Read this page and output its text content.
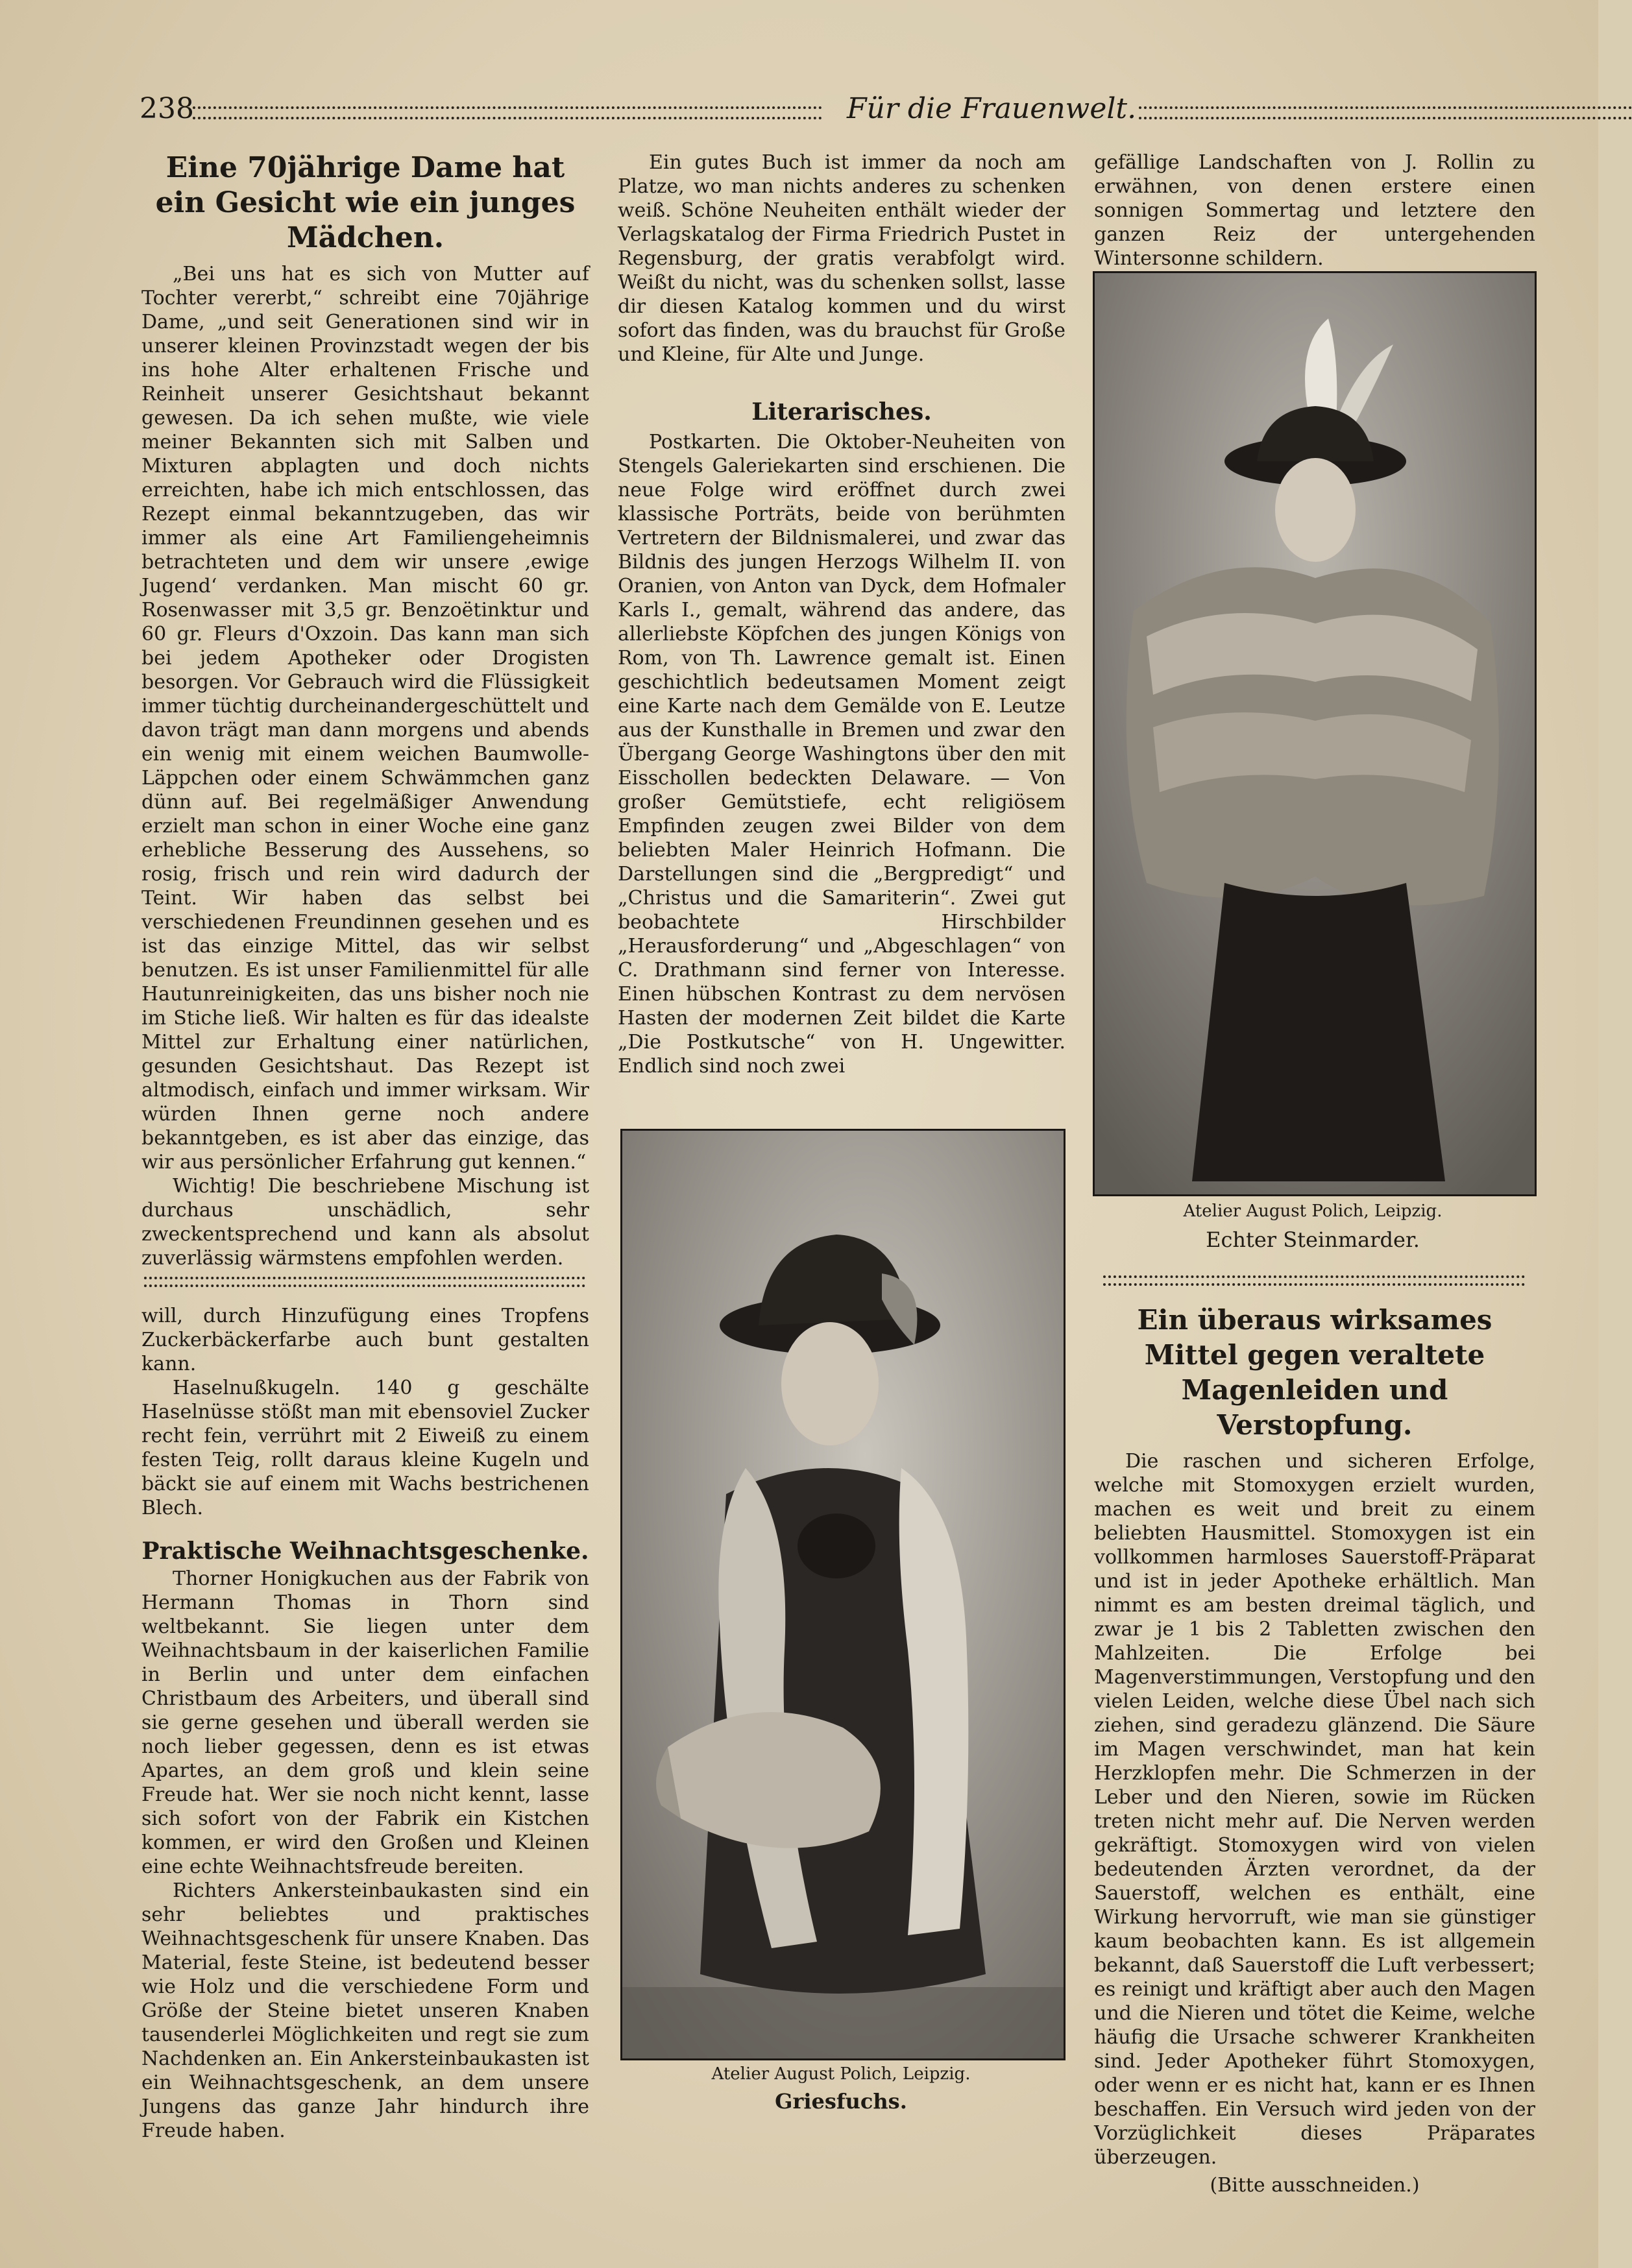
238	Für die Frauenwelt.
Eine 70jährige Dame hat ein Gesicht wie ein junges Mädchen.

„Bei uns hat es sich von Mutter auf Tochter vererbt,“ schreibt eine 70jährige Dame, „und seit Generationen sind wir in unserer kleinen Provinzstadt wegen der bis ins hohe Alter erhaltenen Frische und Reinheit unserer Gesichtshaut bekannt gewesen. Da ich sehen mußte, wie viele meiner Bekannten sich mit Salben und Mixturen abplagten und doch nichts erreichten, habe ich mich entschlossen, das Rezept einmal bekanntzugeben, das wir immer als eine Art Familiengeheimnis betrachteten und dem wir unsere ‚ewige Jugend‘ verdanken. Man mischt 60 gr. Rosenwasser mit 3,5 gr. Benzoëtinktur und 60 gr. Fleurs d'Oxzoin. Das kann man sich bei jedem Apotheker oder Drogisten besorgen. Vor Gebrauch wird die Flüssigkeit immer tüchtig durcheinandergeschüttelt und davon trägt man dann morgens und abends ein wenig mit einem weichen Baumwolle-Läppchen oder einem Schwämmchen ganz dünn auf. Bei regelmäßiger Anwendung erzielt man schon in einer Woche eine ganz erhebliche Besserung des Aussehens, so rosig, frisch und rein wird dadurch der Teint. Wir haben das selbst bei verschiedenen Freundinnen gesehen und es ist das einzige Mittel, das wir selbst benutzen. Es ist unser Familienmittel für alle Hautunreinigkeiten, das uns bisher noch nie im Stiche ließ. Wir halten es für das idealste Mittel zur Erhaltung einer natürlichen, gesunden Gesichtshaut. Das Rezept ist altmodisch, einfach und immer wirksam. Wir würden Ihnen gerne noch andere bekanntgeben, es ist aber das einzige, das wir aus persönlicher Erfahrung gut kennen.“

Wichtig! Die beschriebene Mischung ist durchaus unschädlich, sehr zweckentsprechend und kann als absolut zuverlässig wärmstens empfohlen werden.

will, durch Hinzufügung eines Tropfens Zuckerbäckerfarbe auch bunt gestalten kann.

Haselnußkugeln. 140 g geschälte Haselnüsse stößt man mit ebensoviel Zucker recht fein, verrührt mit 2 Eiweiß zu einem festen Teig, rollt daraus kleine Kugeln und bäckt sie auf einem mit Wachs bestrichenen Blech.

Praktische Weihnachtsgeschenke.

Thorner Honigkuchen aus der Fabrik von Hermann Thomas in Thorn sind weltbekannt. Sie liegen unter dem Weihnachtsbaum in der kaiserlichen Familie in Berlin und unter dem einfachen Christbaum des Arbeiters, und überall sind sie gerne gesehen und überall werden sie noch lieber gegessen, denn es ist etwas Apartes, an dem groß und klein seine Freude hat. Wer sie noch nicht kennt, lasse sich sofort von der Fabrik ein Kistchen kommen, er wird den Großen und Kleinen eine echte Weihnachtsfreude bereiten.

Richters Ankersteinbaukasten sind ein sehr beliebtes und praktisches Weihnachtsgeschenk für unsere Knaben. Das Material, feste Steine, ist bedeutend besser wie Holz und die verschiedene Form und Größe der Steine bietet unseren Knaben tausenderlei Möglichkeiten und regt sie zum Nachdenken an. Ein Ankersteinbaukasten ist ein Weihnachtsgeschenk, an dem unsere Jungens das ganze Jahr hindurch ihre Freude haben.

Ein gutes Buch ist immer da noch am Platze, wo man nichts anderes zu schenken weiß. Schöne Neuheiten enthält wieder der Verlagskatalog der Firma Friedrich Pustet in Regensburg, der gratis verabfolgt wird. Weißt du nicht, was du schenken sollst, lasse dir diesen Katalog kommen und du wirst sofort das finden, was du brauchst für Große und Kleine, für Alte und Junge.

Literarisches.

Postkarten. Die Oktober-Neuheiten von Stengels Galeriekarten sind erschienen. Die neue Folge wird eröffnet durch zwei klassische Porträts, beide von berühmten Vertretern der Bildnismalerei, und zwar das Bildnis des jungen Herzogs Wilhelm II. von Oranien, von Anton van Dyck, dem Hofmaler Karls I., gemalt, während das andere, das allerliebste Köpfchen des jungen Königs von Rom, von Th. Lawrence gemalt ist. Einen geschichtlich bedeutsamen Moment zeigt eine Karte nach dem Gemälde von E. Leutze aus der Kunsthalle in Bremen und zwar den Übergang George Washingtons über den mit Eisschollen bedeckten Delaware. — Von großer Gemütstiefe, echt religiösem Empfinden zeugen zwei Bilder von dem beliebten Maler Heinrich Hofmann. Die Darstellungen sind die „Bergpredigt“ und „Christus und die Samariterin“. Zwei gut beobachtete Hirschbilder „Herausforderung“ und „Abgeschlagen“ von C. Drathmann sind ferner von Interesse. Einen hübschen Kontrast zu dem nervösen Hasten der modernen Zeit bildet die Karte „Die Postkutsche“ von H. Ungewitter. Endlich sind noch zwei

Atelier August Polich, Leipzig.
Griesfuchs.

gefällige Landschaften von J. Rollin zu erwähnen, von denen erstere einen sonnigen Sommertag und letztere den ganzen Reiz der untergehenden Wintersonne schildern.

Atelier August Polich, Leipzig.
Echter Steinmarder.
Ein überaus wirksames Mittel gegen veraltete Magenleiden und Verstopfung.

Die raschen und sicheren Erfolge, welche mit Stomoxygen erzielt wurden, machen es weit und breit zu einem beliebten Hausmittel. Stomoxygen ist ein vollkommen harmloses Sauerstoff-Präparat und ist in jeder Apotheke erhältlich. Man nimmt es am besten dreimal täglich, und zwar je 1 bis 2 Tabletten zwischen den Mahlzeiten. Die Erfolge bei Magenverstimmungen, Verstopfung und den vielen Leiden, welche diese Übel nach sich ziehen, sind geradezu glänzend. Die Säure im Magen verschwindet, man hat kein Herzklopfen mehr. Die Schmerzen in der Leber und den Nieren, sowie im Rücken treten nicht mehr auf. Die Nerven werden gekräftigt. Stomoxygen wird von vielen bedeutenden Ärzten verordnet, da der Sauerstoff, welchen es enthält, eine Wirkung hervorruft, wie man sie günstiger kaum beobachten kann. Es ist allgemein bekannt, daß Sauerstoff die Luft verbessert; es reinigt und kräftigt aber auch den Magen und die Nieren und tötet die Keime, welche häufig die Ursache schwerer Krankheiten sind. Jeder Apotheker führt Stomoxygen, oder wenn er es nicht hat, kann er es Ihnen beschaffen. Ein Versuch wird jeden von der Vorzüglichkeit dieses Präparates überzeugen.

(Bitte ausschneiden.)
